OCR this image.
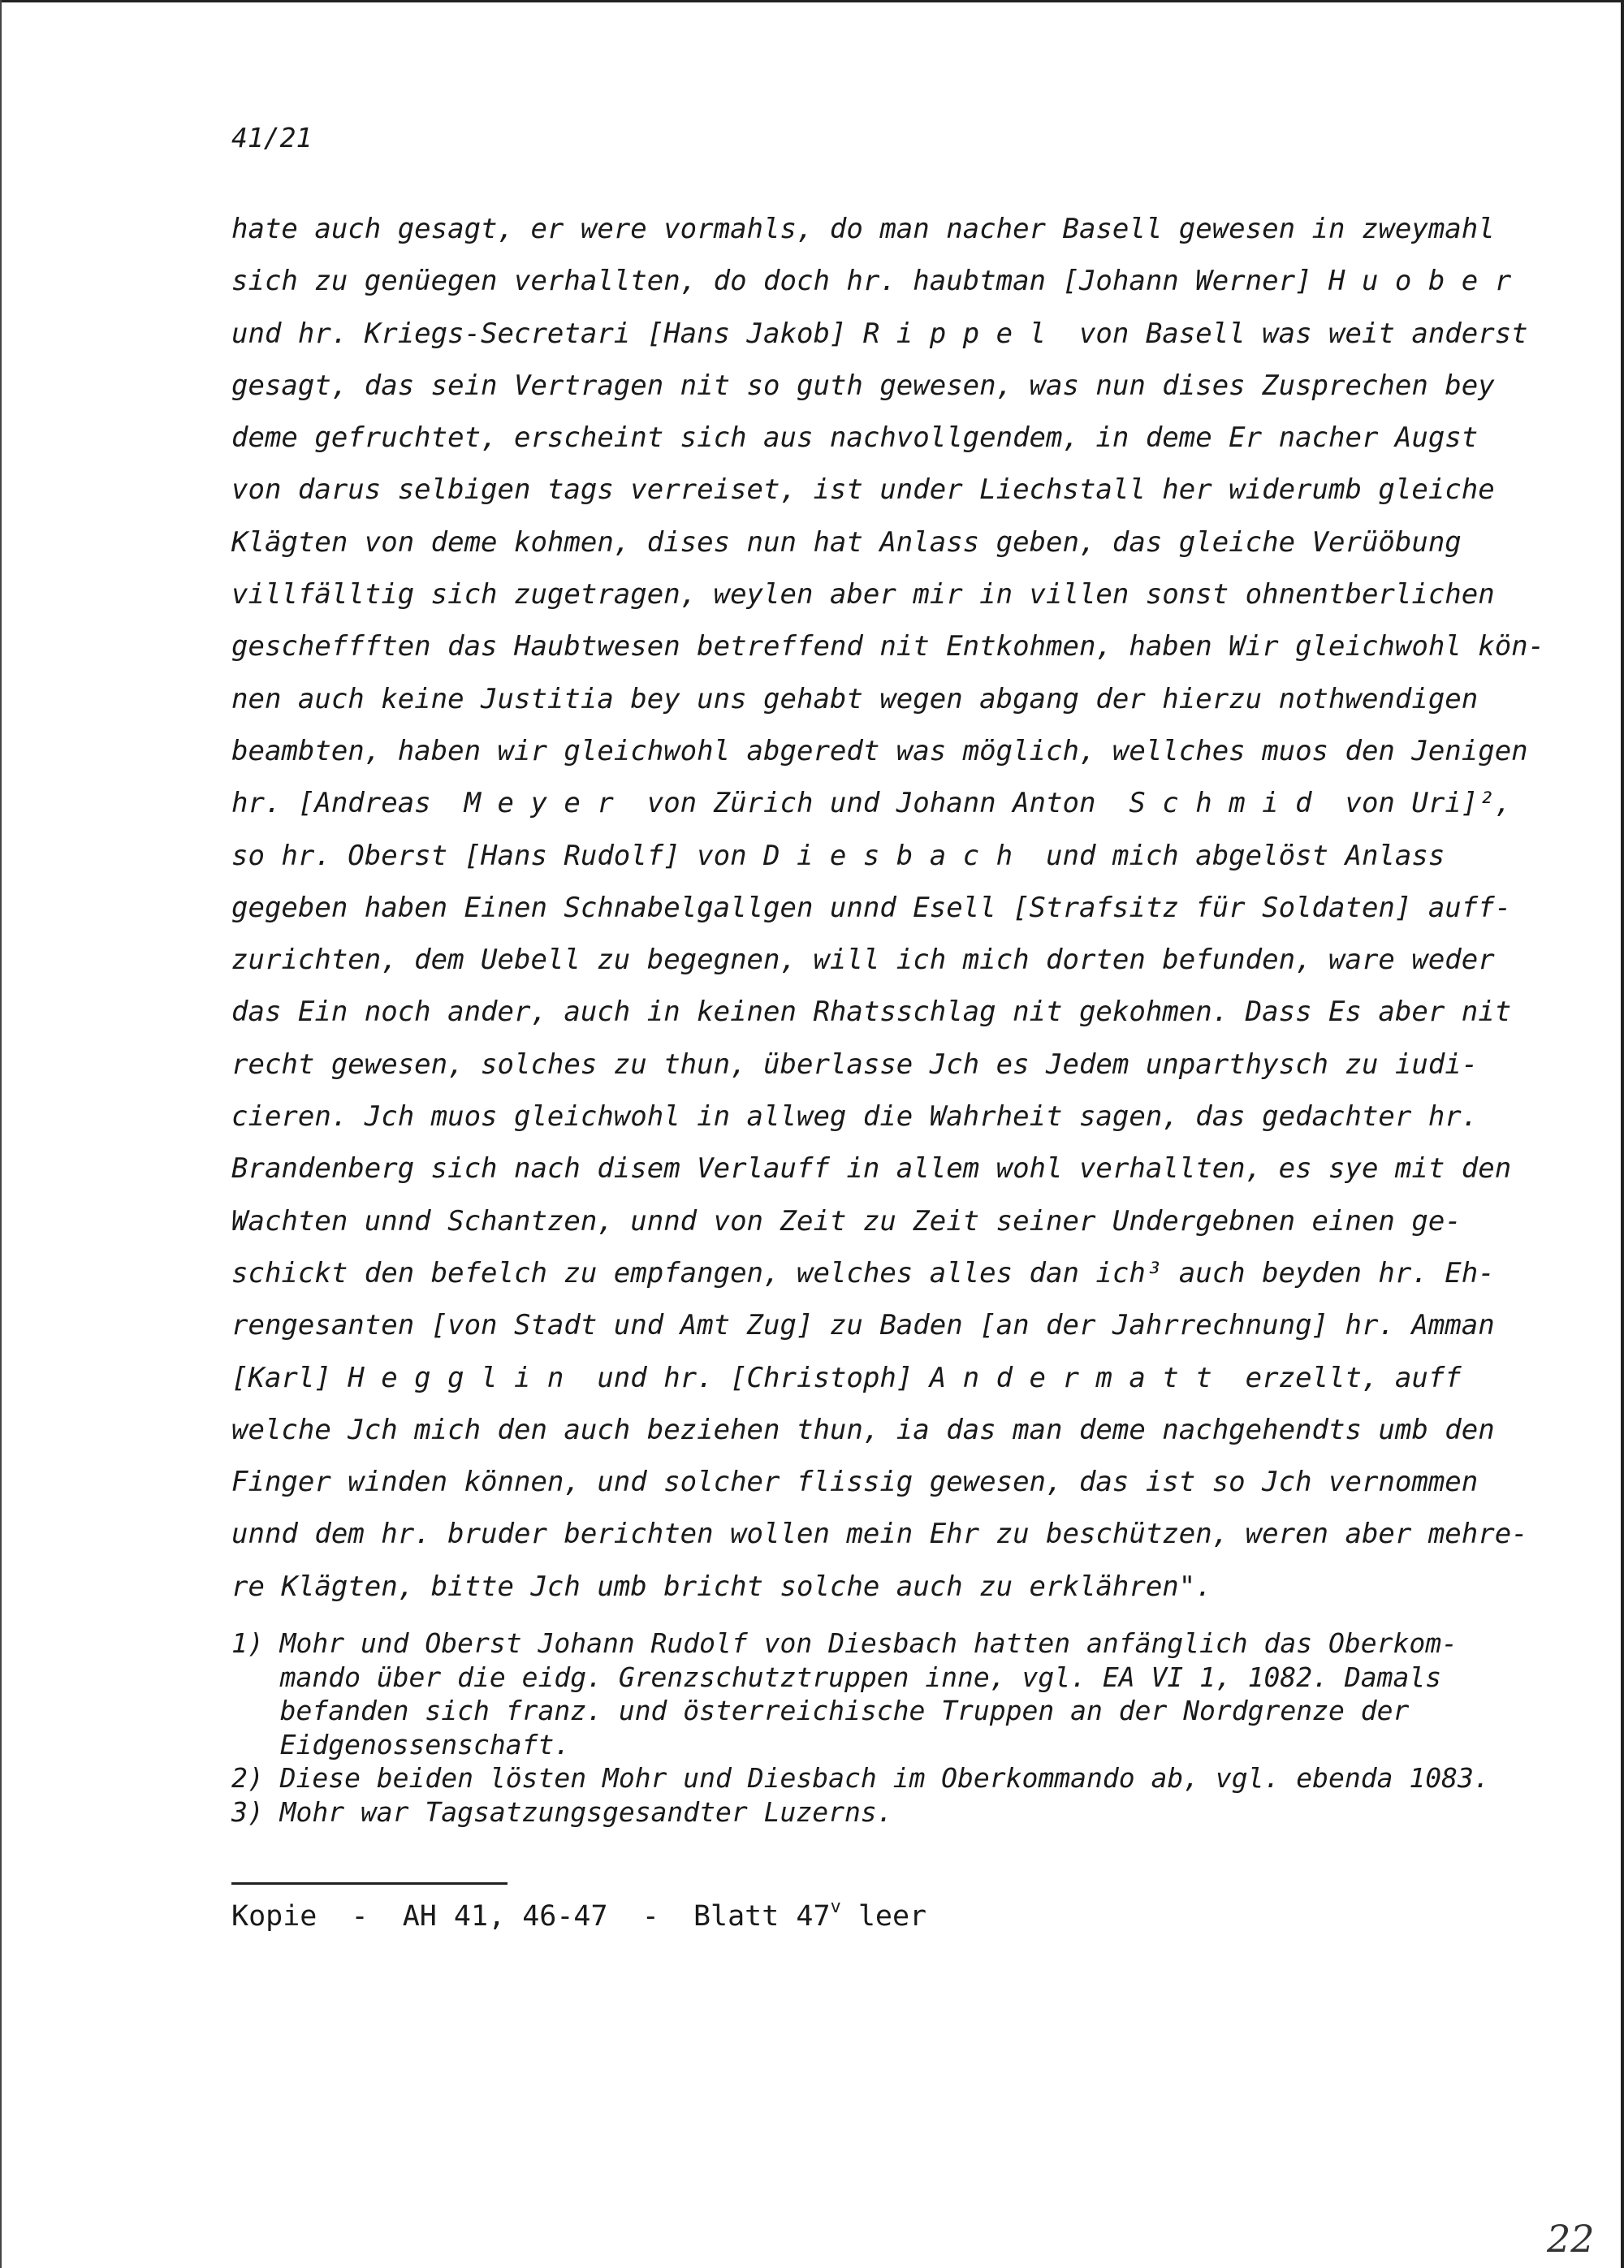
41/21
hate auch gesagt, er were vormahls, do man nacher Basell gewesen in zweymahl
sich zu genüegen verhallten, do doch hr. haubtman [Johann Werner] H u o b e r
und hr. Kriegs-Secretari [Hans Jakob] R i p p e l  von Basell was weit anderst
gesagt, das sein Vertragen nit so guth gewesen, was nun dises Zusprechen bey
deme gefruchtet, erscheint sich aus nachvollgendem, in deme Er nacher Augst
von darus selbigen tags verreiset, ist under Liechstall her widerumb gleiche
Klägten von deme kohmen, dises nun hat Anlass geben, das gleiche Verüöbung
villfälltig sich zugetragen, weylen aber mir in villen sonst ohnentberlichen
gescheffften das Haubtwesen betreffend nit Entkohmen, haben Wir gleichwohl kön-
nen auch keine Justitia bey uns gehabt wegen abgang der hierzu nothwendigen
beambten, haben wir gleichwohl abgeredt was möglich, wellches muos den Jenigen
hr. [Andreas  M e y e r  von Zürich und Johann Anton  S c h m i d  von Uri]²,
so hr. Oberst [Hans Rudolf] von D i e s b a c h  und mich abgelöst Anlass
gegeben haben Einen Schnabelgallgen unnd Esell [Strafsitz für Soldaten] auff-
zurichten, dem Uebell zu begegnen, will ich mich dorten befunden, ware weder
das Ein noch ander, auch in keinen Rhatsschlag nit gekohmen. Dass Es aber nit
recht gewesen, solches zu thun, überlasse Jch es Jedem unparthysch zu iudi-
cieren. Jch muos gleichwohl in allweg die Wahrheit sagen, das gedachter hr.
Brandenberg sich nach disem Verlauff in allem wohl verhallten, es sye mit den
Wachten unnd Schantzen, unnd von Zeit zu Zeit seiner Undergebnen einen ge-
schickt den befelch zu empfangen, welches alles dan ich³ auch beyden hr. Eh-
rengesanten [von Stadt und Amt Zug] zu Baden [an der Jahrrechnung] hr. Amman
[Karl] H e g g l i n  und hr. [Christoph] A n d e r m a t t  erzellt, auff
welche Jch mich den auch beziehen thun, ia das man deme nachgehendts umb den
Finger winden können, und solcher flissig gewesen, das ist so Jch vernommen
unnd dem hr. bruder berichten wollen mein Ehr zu beschützen, weren aber mehre-
re Klägten, bitte Jch umb bricht solche auch zu erklähren".
1) Mohr und Oberst Johann Rudolf von Diesbach hatten anfänglich das Oberkom-
mando über die eidg. Grenzschutztruppen inne, vgl. EA VI 1, 1082. Damals
befanden sich franz. und österreichische Truppen an der Nordgrenze der
Eidgenossenschaft.
2) Diese beiden lösten Mohr und Diesbach im Oberkommando ab, vgl. ebenda 1083.
3) Mohr war Tagsatzungsgesandter Luzerns.
Kopie  -  AH 41, 46-47  -  Blatt 47$^v$ leer
22
